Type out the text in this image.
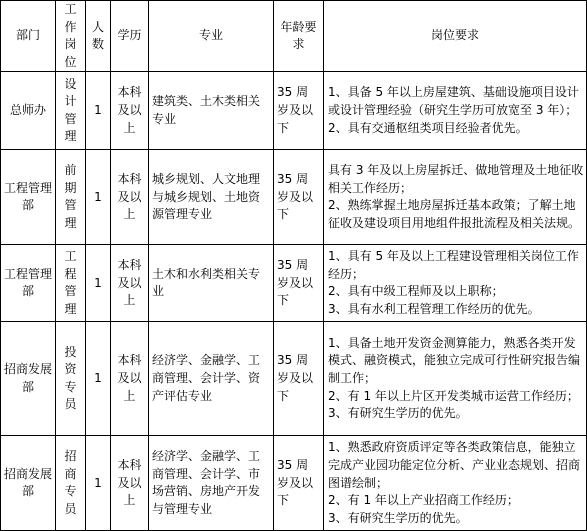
部门	工作岗位	人数	学历	专业	年龄要求	岗位要求
总师办	设计管理	1	本科及以上	建筑类、土木类相关专业	35 周岁及以下	1、具备 5 年以上房屋建筑、基础设施项目设计或设计管理经验（研究生学历可放宽至 3 年）；
2、具有交通枢纽类项目经验者优先。

工程管理部	前期管理	1	本科及以上	城乡规划、人文地理与城乡规划、土地资源管理专业	35 周岁及以下	具有 3 年及以上房屋拆迁、做地管理及土地征收相关工作经历；
2、熟练掌握土地房屋拆迁基本政策；了解土地征收及建设项目用地组件报批流程及相关法规。

工程管理部	工程管理	1	本科及以上	土木和水利类相关专业	35 周岁及以下	1、具有 5 年及以上工程建设管理相关岗位工作经历；
2、具有中级工程师及以上职称；
3、具有水利工程管理工作经历的优先。

招商发展部	投资专员	1	本科及以上	经济学、金融学、工商管理、会计学、资产评估专业	35 周岁及以下	1、具备土地开发资金测算能力，熟悉各类开发模式、融资模式，能独立完成可行性研究报告编制工作；
2、有 1 年以上片区开发类城市运营工作经历；
3、有研究生学历的优先。

招商发展部	招商专员	1	本科及以上	经济学、金融学、工商管理、会计学、市场营销、房地产开发与管理专业	35 周岁及以下	1、熟悉政府资质评定等各类政策信息，能独立完成产业园功能定位分析、产业业态规划、招商图谱绘制；
2、有 1 年以上产业招商工作经历；
3、有研究生学历的优先。
